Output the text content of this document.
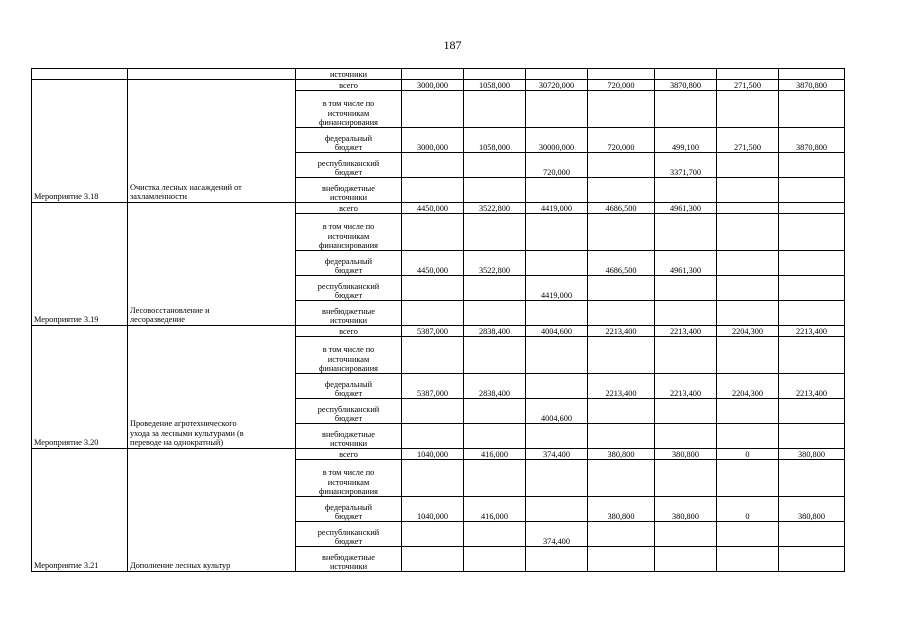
187
		источники							
Мероприятие 3.18	Очистка лесных насаждений от
захламленности	всего	3000,000	1058,000	30720,000	720,000	3870,800	271,500	3870,800
		в том числе по
источникам
финансирования							
		федеральный
бюджет	3000,000	1058,000	30000,000	720,000	499,100	271,500	3870,800
		республиканский
бюджет			720,000		3371,700		
		внебюджетные
источники							
Мероприятие 3.19	Лесовосстановление и
лесоразведение	всего	4450,000	3522,800	4419,000	4686,500	4961,300		
		в том числе по
источникам
финансирования							
		федеральный
бюджет	4450,000	3522,800		4686,500	4961,300		
		республиканский
бюджет			4419,000				
		внебюджетные
источники							
Мероприятие 3.20	Проведение агротехнического
ухода за лесными культурами (в
переводе на однократный)	всего	5387,000	2838,400	4004,600	2213,400	2213,400	2204,300	2213,400
		в том числе по
источникам
финансирования							
		федеральный
бюджет	5387,000	2838,400		2213,400	2213,400	2204,300	2213,400
		республиканский
бюджет			4004,600				
		внебюджетные
источники							
Мероприятие 3.21	Дополнение лесных культур	всего	1040,000	416,000	374,400	380,800	380,800	0	380,800
		в том числе по
источникам
финансирования							
		федеральный
бюджет	1040,000	416,000		380,800	380,800	0	380,800
		республиканский
бюджет			374,400				
		внебюджетные
источники							
